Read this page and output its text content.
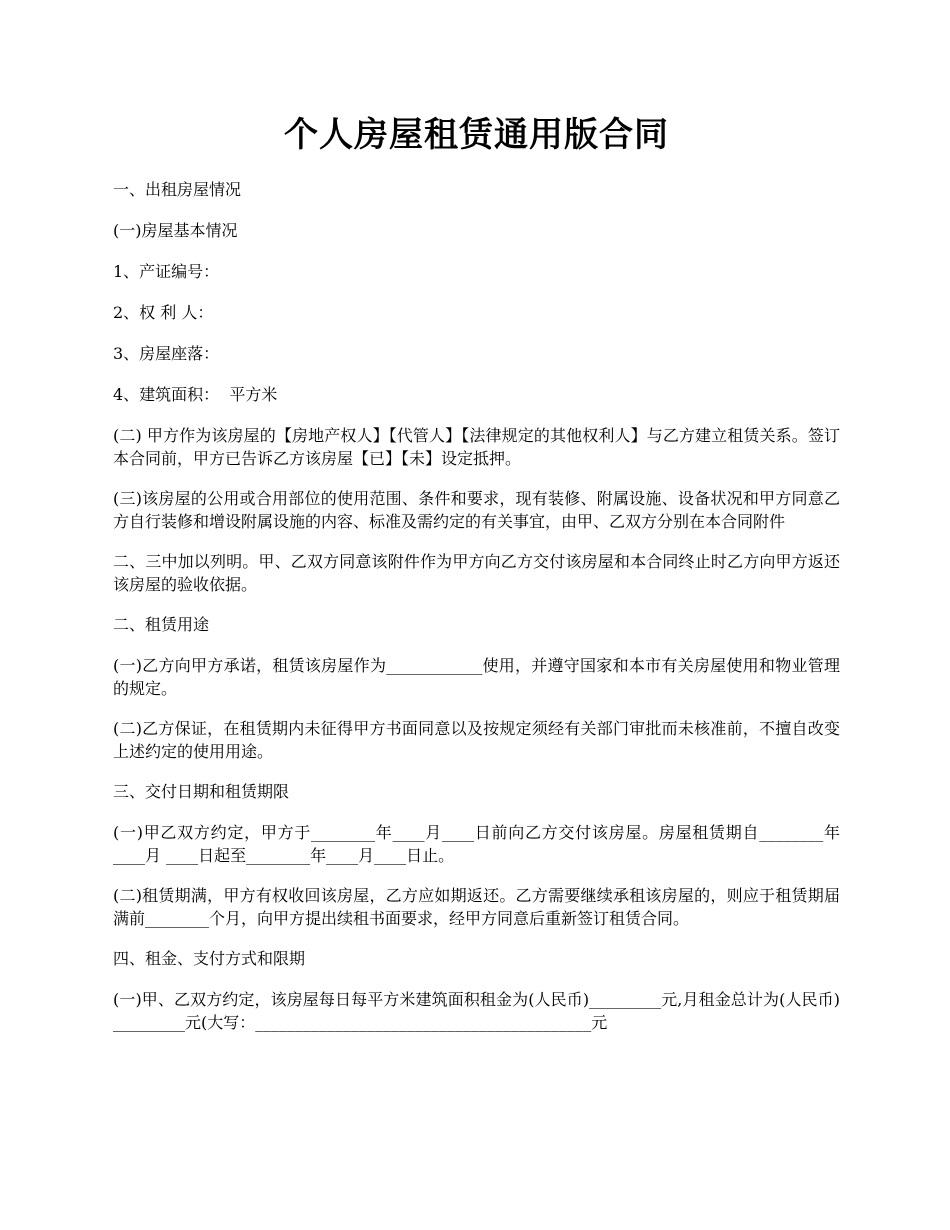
个人房屋租赁通用版合同
一、出租房屋情况
(一)房屋基本情况
1、产证编号：
2、权 利 人：
3、房屋座落：
4、建筑面积：  平方米
(二) 甲方作为该房屋的【房地产权人】【代管人】【法律规定的其他权利人】与乙方建立租赁关系。签订本合同前，甲方已告诉乙方该房屋【已】【未】设定抵押。
(三)该房屋的公用或合用部位的使用范围、条件和要求，现有装修、附属设施、设备状况和甲方同意乙方自行装修和增设附属设施的内容、标准及需约定的有关事宜，由甲、乙双方分别在本合同附件
二、三中加以列明。甲、乙双方同意该附件作为甲方向乙方交付该房屋和本合同终止时乙方向甲方返还该房屋的验收依据。
二、租赁用途
(一)乙方向甲方承诺，租赁该房屋作为____________使用，并遵守国家和本市有关房屋使用和物业管理的规定。
(二)乙方保证，在租赁期内未征得甲方书面同意以及按规定须经有关部门审批而未核准前，不擅自改变上述约定的使用用途。
三、交付日期和租赁期限
(一)甲乙双方约定，甲方于________年____月____日前向乙方交付该房屋。房屋租赁期自________年____月 ____日起至________年____月____日止。
(二)租赁期满，甲方有权收回该房屋，乙方应如期返还。乙方需要继续承租该房屋的，则应于租赁期届满前________个月，向甲方提出续租书面要求，经甲方同意后重新签订租赁合同。
四、租金、支付方式和限期
(一)甲、乙双方约定，该房屋每日每平方米建筑面积租金为(人民币)_________元,月租金总计为(人民币) _________元(大写：__________________________________________元
